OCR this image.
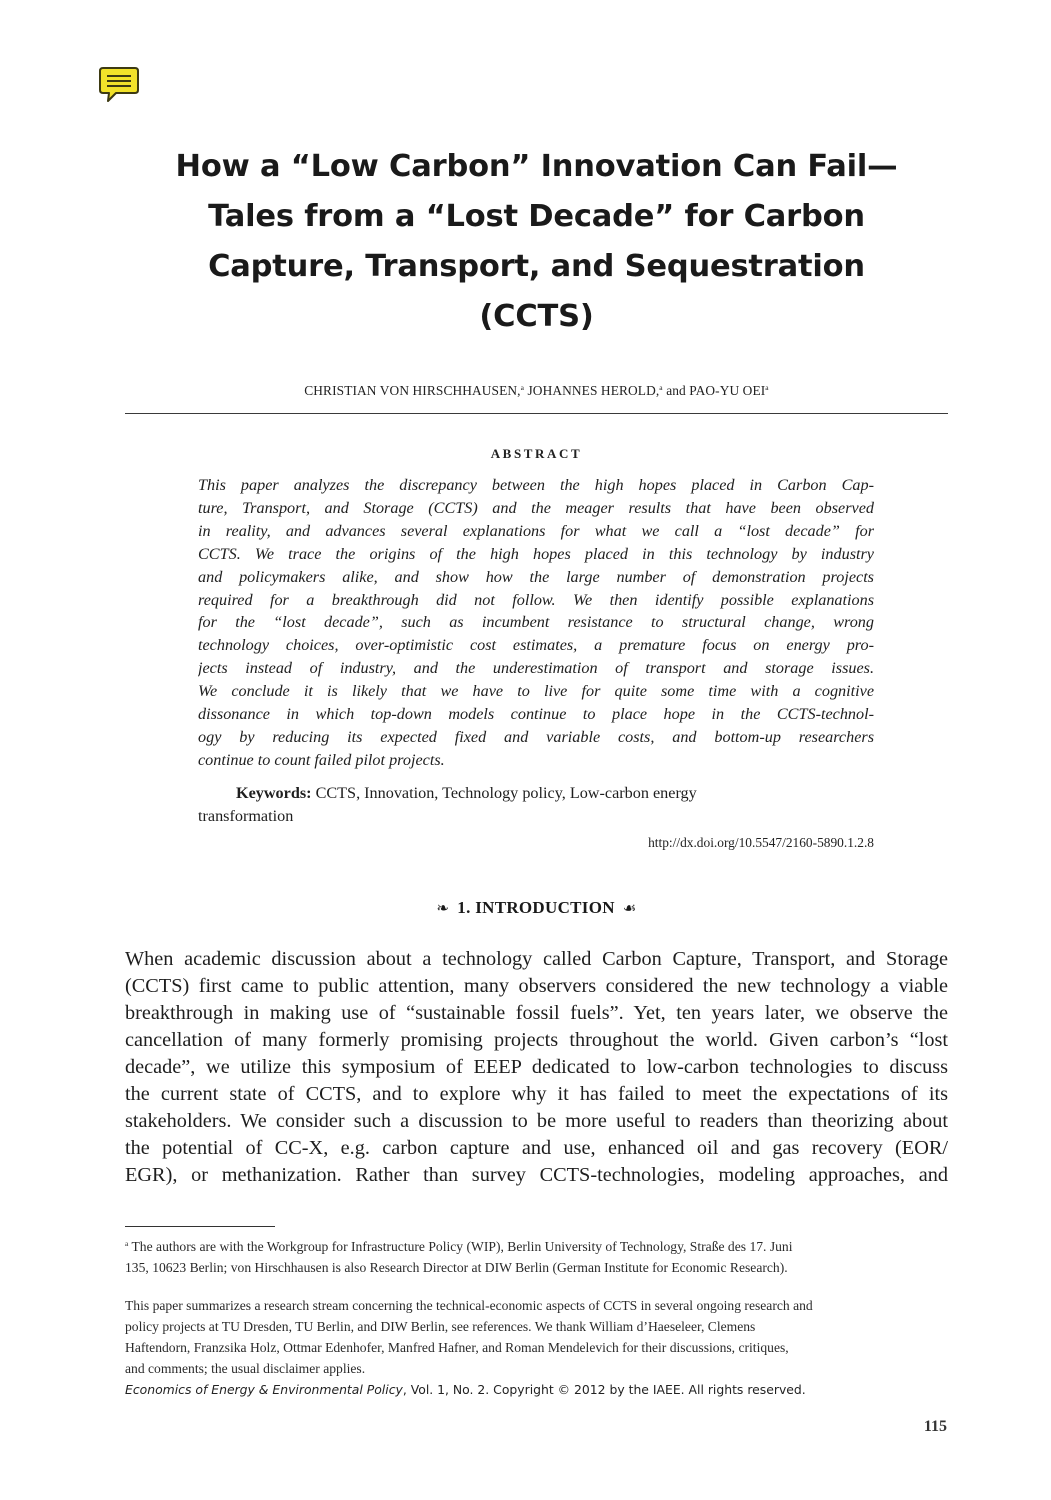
How a “Low Carbon” Innovation Can Fail—
Tales from a “Lost Decade” for Carbon
Capture, Transport, and Sequestration
(CCTS)
CHRISTIAN VON HIRSCHHAUSEN,$^a$ JOHANNES HEROLD,$^a$ and PAO-YU OEI$^a$
ABSTRACT
This paper analyzes the discrepancy between the high hopes placed in Carbon Cap-
ture, Transport, and Storage (CCTS) and the meager results that have been observed
in reality, and advances several explanations for what we call a “lost decade” for
CCTS. We trace the origins of the high hopes placed in this technology by industry
and policymakers alike, and show how the large number of demonstration projects
required for a breakthrough did not follow. We then identify possible explanations
for the “lost decade”, such as incumbent resistance to structural change, wrong
technology choices, over-optimistic cost estimates, a premature focus on energy pro-
jects instead of industry, and the underestimation of transport and storage issues.
We conclude it is likely that we have to live for quite some time with a cognitive
dissonance in which top-down models continue to place hope in the CCTS-technol-
ogy by reducing its expected fixed and variable costs, and bottom-up researchers
continue to count failed pilot projects.
Keywords: CCTS, Innovation, Technology policy, Low-carbon energy
transformation
http://dx.doi.org/10.5547/2160-5890.1.2.8
❧ 1. INTRODUCTION ☙
When academic discussion about a technology called Carbon Capture, Transport, and Storage
(CCTS) first came to public attention, many observers considered the new technology a viable
breakthrough in making use of “sustainable fossil fuels”. Yet, ten years later, we observe the
cancellation of many formerly promising projects throughout the world. Given carbon’s “lost
decade”, we utilize this symposium of EEEP dedicated to low-carbon technologies to discuss
the current state of CCTS, and to explore why it has failed to meet the expectations of its
stakeholders. We consider such a discussion to be more useful to readers than theorizing about
the potential of CC-X, e.g. carbon capture and use, enhanced oil and gas recovery (EOR/
EGR), or methanization. Rather than survey CCTS-technologies, modeling approaches, and
$^a$ The authors are with the Workgroup for Infrastructure Policy (WIP), Berlin University of Technology, Straße des 17. Juni
135, 10623 Berlin; von Hirschhausen is also Research Director at DIW Berlin (German Institute for Economic Research).
This paper summarizes a research stream concerning the technical-economic aspects of CCTS in several ongoing research and
policy projects at TU Dresden, TU Berlin, and DIW Berlin, see references. We thank William d’Haeseleer, Clemens
Haftendorn, Franzsika Holz, Ottmar Edenhofer, Manfred Hafner, and Roman Mendelevich for their discussions, critiques,
and comments; the usual disclaimer applies.
Economics of Energy & Environmental Policy, Vol. 1, No. 2. Copyright © 2012 by the IAEE. All rights reserved.
115
